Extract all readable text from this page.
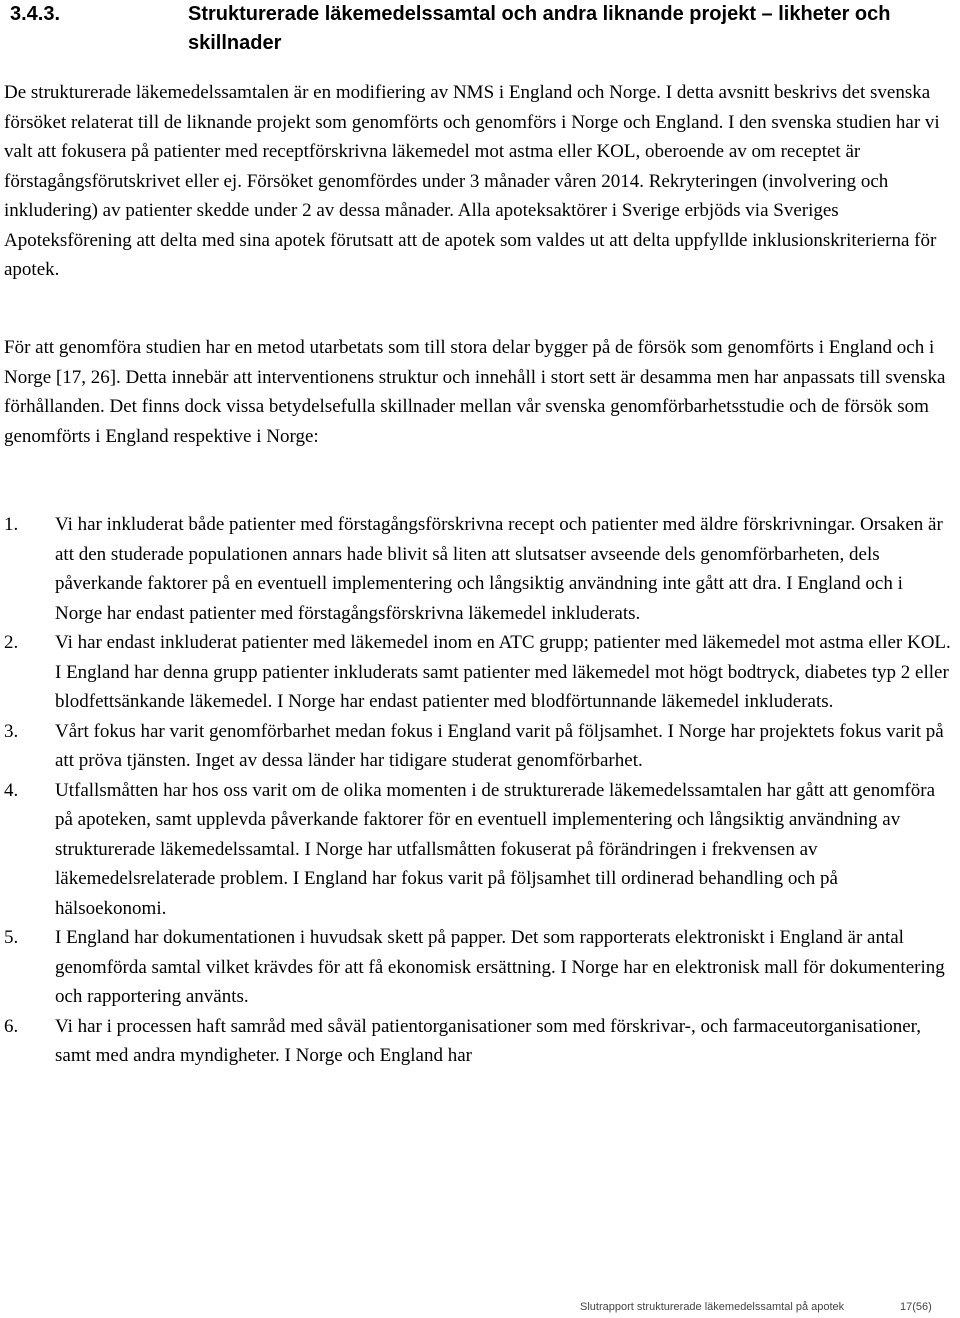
3.4.3.	Strukturerade läkemedelssamtal och andra liknande projekt – likheter och skillnader

De strukturerade läkemedelssamtalen är en modifiering av NMS i England och Norge. I detta avsnitt beskrivs det svenska försöket relaterat till de liknande projekt som genomförts och genomförs i Norge och England. I den svenska studien har vi valt att fokusera på patienter med receptförskrivna läkemedel mot astma eller KOL, oberoende av om receptet är förstagångsförutskrivet eller ej. Försöket genomfördes under 3 månader våren 2014. Rekryteringen (involvering och inkludering) av patienter skedde under 2 av dessa månader. Alla apoteksaktörer i Sverige erbjöds via Sveriges Apoteksförening att delta med sina apotek förutsatt att de apotek som valdes ut att delta uppfyllde inklusionskriterierna för apotek.

För att genomföra studien har en metod utarbetats som till stora delar bygger på de försök som genomförts i England och i Norge [17, 26]. Detta innebär att interventionens struktur och innehåll i stort sett är desamma men har anpassats till svenska förhållanden. Det finns dock vissa betydelsefulla skillnader mellan vår svenska genomförbarhetsstudie och de försök som genomförts i England respektive i Norge:

1. Vi har inkluderat både patienter med förstagångsförskrivna recept och patienter med äldre förskrivningar. Orsaken är att den studerade populationen annars hade blivit så liten att slutsatser avseende dels genomförbarheten, dels påverkande faktorer på en eventuell implementering och långsiktig användning inte gått att dra. I England och i Norge har endast patienter med förstagångsförskrivna läkemedel inkluderats.
2. Vi har endast inkluderat patienter med läkemedel inom en ATC grupp; patienter med läkemedel mot astma eller KOL. I England har denna grupp patienter inkluderats samt patienter med läkemedel mot högt bodtryck, diabetes typ 2 eller blodfettsänkande läkemedel. I Norge har endast patienter med blodförtunnande läkemedel inkluderats.
3. Vårt fokus har varit genomförbarhet medan fokus i England varit på följsamhet. I Norge har projektets fokus varit på att pröva tjänsten. Inget av dessa länder har tidigare studerat genomförbarhet.
4. Utfallsmåtten har hos oss varit om de olika momenten i de strukturerade läkemedelssamtalen har gått att genomföra på apoteken, samt upplevda påverkande faktorer för en eventuell implementering och långsiktig användning av strukturerade läkemedelssamtal. I Norge har utfallsmåtten fokuserat på förändringen i frekvensen av läkemedelsrelaterade problem. I England har fokus varit på följsamhet till ordinerad behandling och på hälsoekonomi.
5. I England har dokumentationen i huvudsak skett på papper. Det som rapporterats elektroniskt i England är antal genomförda samtal vilket krävdes för att få ekonomisk ersättning. I Norge har en elektronisk mall för dokumentering och rapportering använts.
6. Vi har i processen haft samråd med såväl patientorganisationer som med förskrivar-, och farmaceutorganisationer, samt med andra myndigheter. I Norge och England har
Slutrapport strukturerade läkemedelssamtal på apotek	17(56)
